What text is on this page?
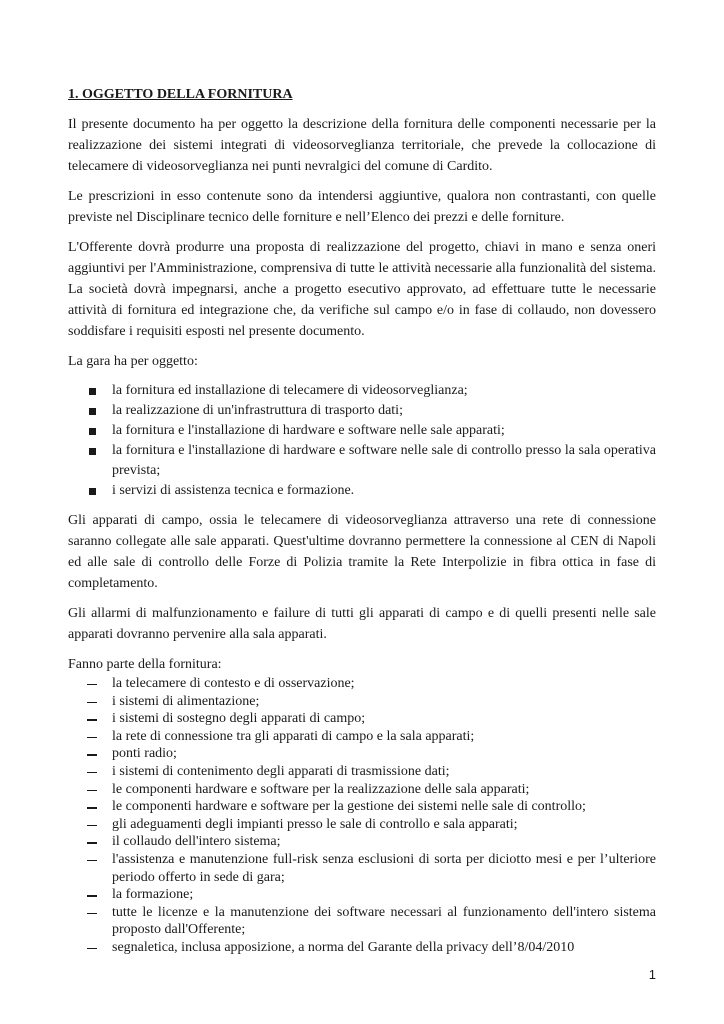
1. OGGETTO DELLA FORNITURA

Il presente documento ha per oggetto la descrizione della fornitura delle componenti necessarie per la realizzazione dei sistemi integrati di videosorveglianza territoriale, che prevede la collocazione di telecamere di videosorveglianza nei punti nevralgici del comune di Cardito.

Le prescrizioni in esso contenute sono da intendersi aggiuntive, qualora non contrastanti, con quelle previste nel Disciplinare tecnico delle forniture e nell’Elenco dei prezzi e delle forniture.

L'Offerente dovrà produrre una proposta di realizzazione del progetto, chiavi in mano e senza oneri aggiuntivi per l'Amministrazione, comprensiva di tutte le attività necessarie alla funzionalità del sistema. La società dovrà impegnarsi, anche a progetto esecutivo approvato, ad effettuare tutte le necessarie attività di fornitura ed integrazione che, da verifiche sul campo e/o in fase di collaudo, non dovessero soddisfare i requisiti esposti nel presente documento.

La gara ha per oggetto:

la fornitura ed installazione di telecamere di videosorveglianza;
la realizzazione di un'infrastruttura di trasporto dati;
la fornitura e l'installazione di hardware e software nelle sale apparati;
la fornitura e l'installazione di hardware e software nelle sale di controllo presso la sala operativa prevista;
i servizi di assistenza tecnica e formazione.

Gli apparati di campo, ossia le telecamere di videosorveglianza attraverso una rete di connessione saranno collegate alle sale apparati. Quest'ultime dovranno permettere la connessione al CEN di Napoli ed alle sale di controllo delle Forze di Polizia tramite la Rete Interpolizie in fibra ottica in fase di completamento.

Gli allarmi di malfunzionamento e failure di tutti gli apparati di campo e di quelli presenti nelle sale apparati dovranno pervenire alla sala apparati.

Fanno parte della fornitura:

la telecamere di contesto e di osservazione;
i sistemi di alimentazione;
i sistemi di sostegno degli apparati di campo;
la rete di connessione tra gli apparati di campo e la sala apparati;
ponti radio;
i sistemi di contenimento degli apparati di trasmissione dati;
le componenti hardware e software per la realizzazione delle sala apparati;
le componenti hardware e software per la gestione dei sistemi nelle sale di controllo;
gli adeguamenti degli impianti presso le sale di controllo e sala apparati;
il collaudo dell'intero sistema;
l'assistenza e manutenzione full-risk senza esclusioni di sorta per diciotto mesi e per l’ulteriore periodo offerto in sede di gara;
la formazione;
tutte le licenze e la manutenzione dei software necessari al funzionamento dell'intero sistema proposto dall'Offerente;
segnaletica, inclusa apposizione, a norma del Garante della privacy dell’8/04/2010
1
